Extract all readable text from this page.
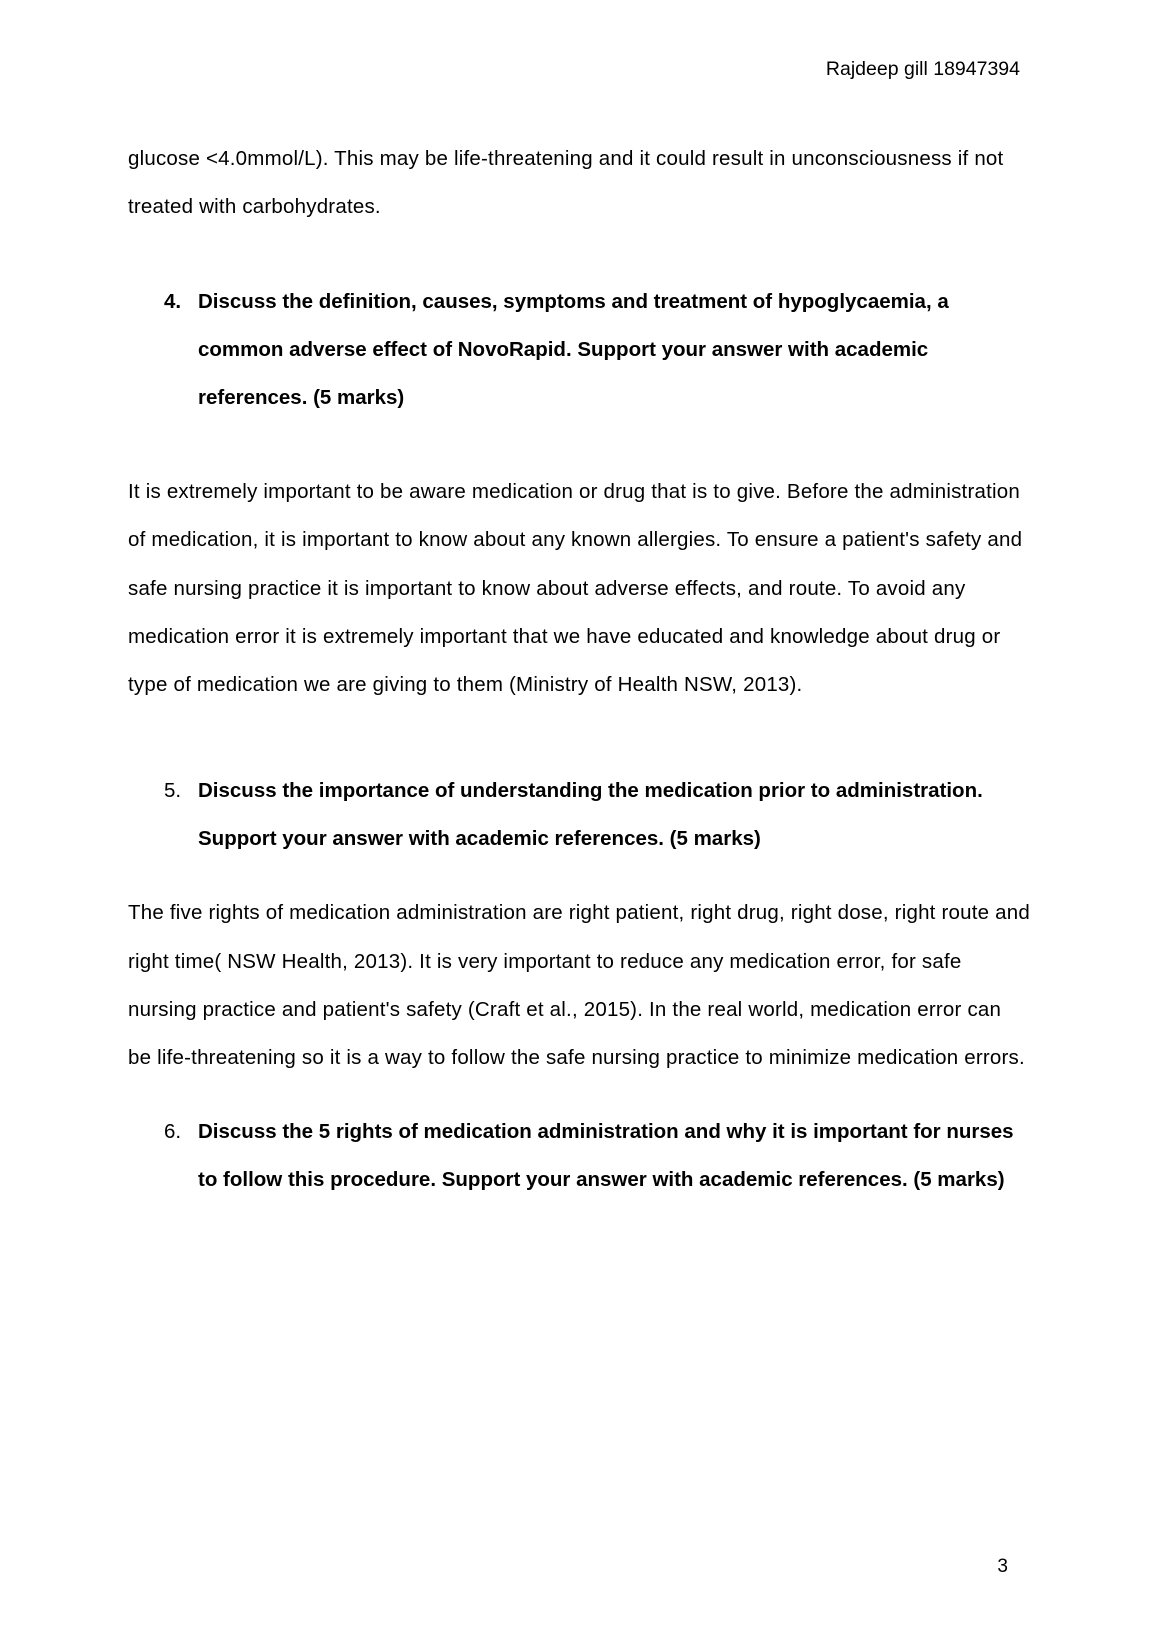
Rajdeep gill 18947394

glucose <4.0mmol/L). This may be life-threatening and it could result in unconsciousness if not treated with carbohydrates.

4. Discuss the definition, causes, symptoms and treatment of hypoglycaemia, a common adverse effect of NovoRapid. Support your answer with academic references. (5 marks)

It is extremely important to be aware medication or drug that is to give. Before the administration of medication, it is important to know about any known allergies. To ensure a patient's safety and safe nursing practice it is important to know about adverse effects, and route. To avoid any medication error it is extremely important that we have educated and knowledge about drug or type of medication we are giving to them (Ministry of Health NSW, 2013).

5. Discuss the importance of understanding the medication prior to administration. Support your answer with academic references. (5 marks)

The five rights of medication administration are right patient, right drug, right dose, right route and right time( NSW Health, 2013). It is very important to reduce any medication error, for safe nursing practice and patient's safety (Craft et al., 2015). In the real world, medication error can be life-threatening so it is a way to follow the safe nursing practice to minimize medication errors.

6. Discuss the 5 rights of medication administration and why it is important for nurses to follow this procedure. Support your answer with academic references. (5 marks)
3
